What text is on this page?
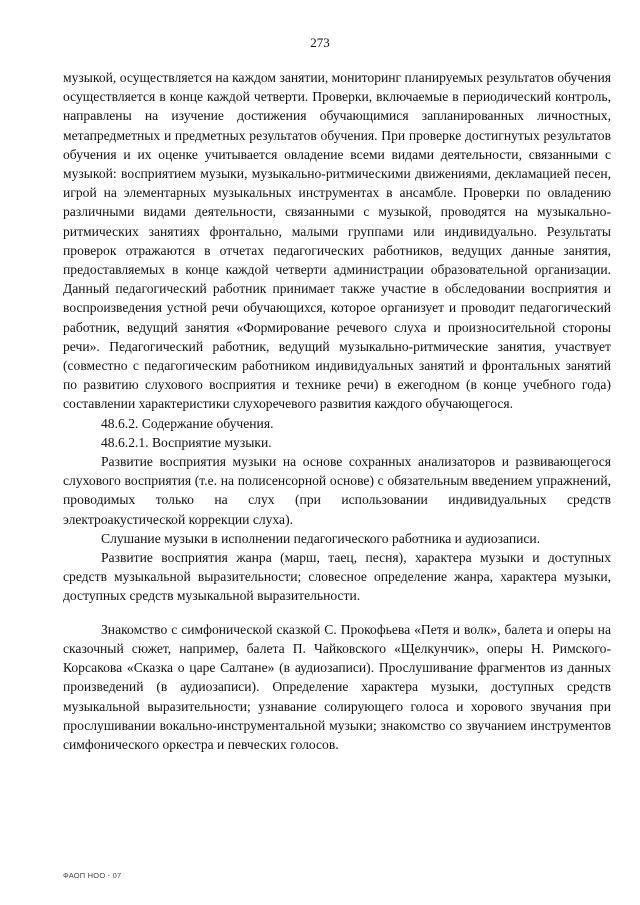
273

музыкой, осуществляется на каждом занятии, мониторинг планируемых результатов обучения осуществляется в конце каждой четверти. Проверки, включаемые в периодический контроль, направлены на изучение достижения обучающимися запланированных личностных, метапредметных и предметных результатов обучения. При проверке достигнутых результатов обучения и их оценке учитывается овладение всеми видами деятельности, связанными с музыкой: восприятием музыки, музыкально-ритмическими движениями, декламацией песен, игрой на элементарных музыкальных инструментах в ансамбле. Проверки по овладению различными видами деятельности, связанными с музыкой, проводятся на музыкально-ритмических занятиях фронтально, малыми группами или индивидуально. Результаты проверок отражаются в отчетах педагогических работников, ведущих данные занятия, предоставляемых в конце каждой четверти администрации образовательной организации. Данный педагогический работник принимает также участие в обследовании восприятия и воспроизведения устной речи обучающихся, которое организует и проводит педагогический работник, ведущий занятия «Формирование речевого слуха и произносительной стороны речи». Педагогический работник, ведущий музыкально-ритмические занятия, участвует (совместно с педагогическим работником индивидуальных занятий и фронтальных занятий по развитию слухового восприятия и технике речи) в ежегодном (в конце учебного года) составлении характеристики слухоречевого развития каждого обучающегося.

48.6.2. Содержание обучения.

48.6.2.1. Восприятие музыки.

Развитие восприятия музыки на основе сохранных анализаторов и развивающегося слухового восприятия (т.е. на полисенсорной основе) с обязательным введением упражнений, проводимых только на слух (при использовании индивидуальных средств электроакустической коррекции слуха).

Слушание музыки в исполнении педагогического работника и аудиозаписи.

Развитие восприятия жанра (марш, таец, песня), характера музыки и доступных средств музыкальной выразительности; словесное определение жанра, характера музыки, доступных средств музыкальной выразительности.

Знакомство с симфонической сказкой С. Прокофьева «Петя и волк», балета и оперы на сказочный сюжет, например, балета П. Чайковского «Щелкунчик», оперы Н. Римского-Корсакова «Сказка о царе Салтане» (в аудиозаписи). Прослушивание фрагментов из данных произведений (в аудиозаписи). Определение характера музыки, доступных средств музыкальной выразительности; узнавание солирующего голоса и хорового звучания при прослушивании вокально-инструментальной музыки; знакомство со звучанием инструментов симфонического оркестра и певческих голосов.

ФАОП НОО - 07
